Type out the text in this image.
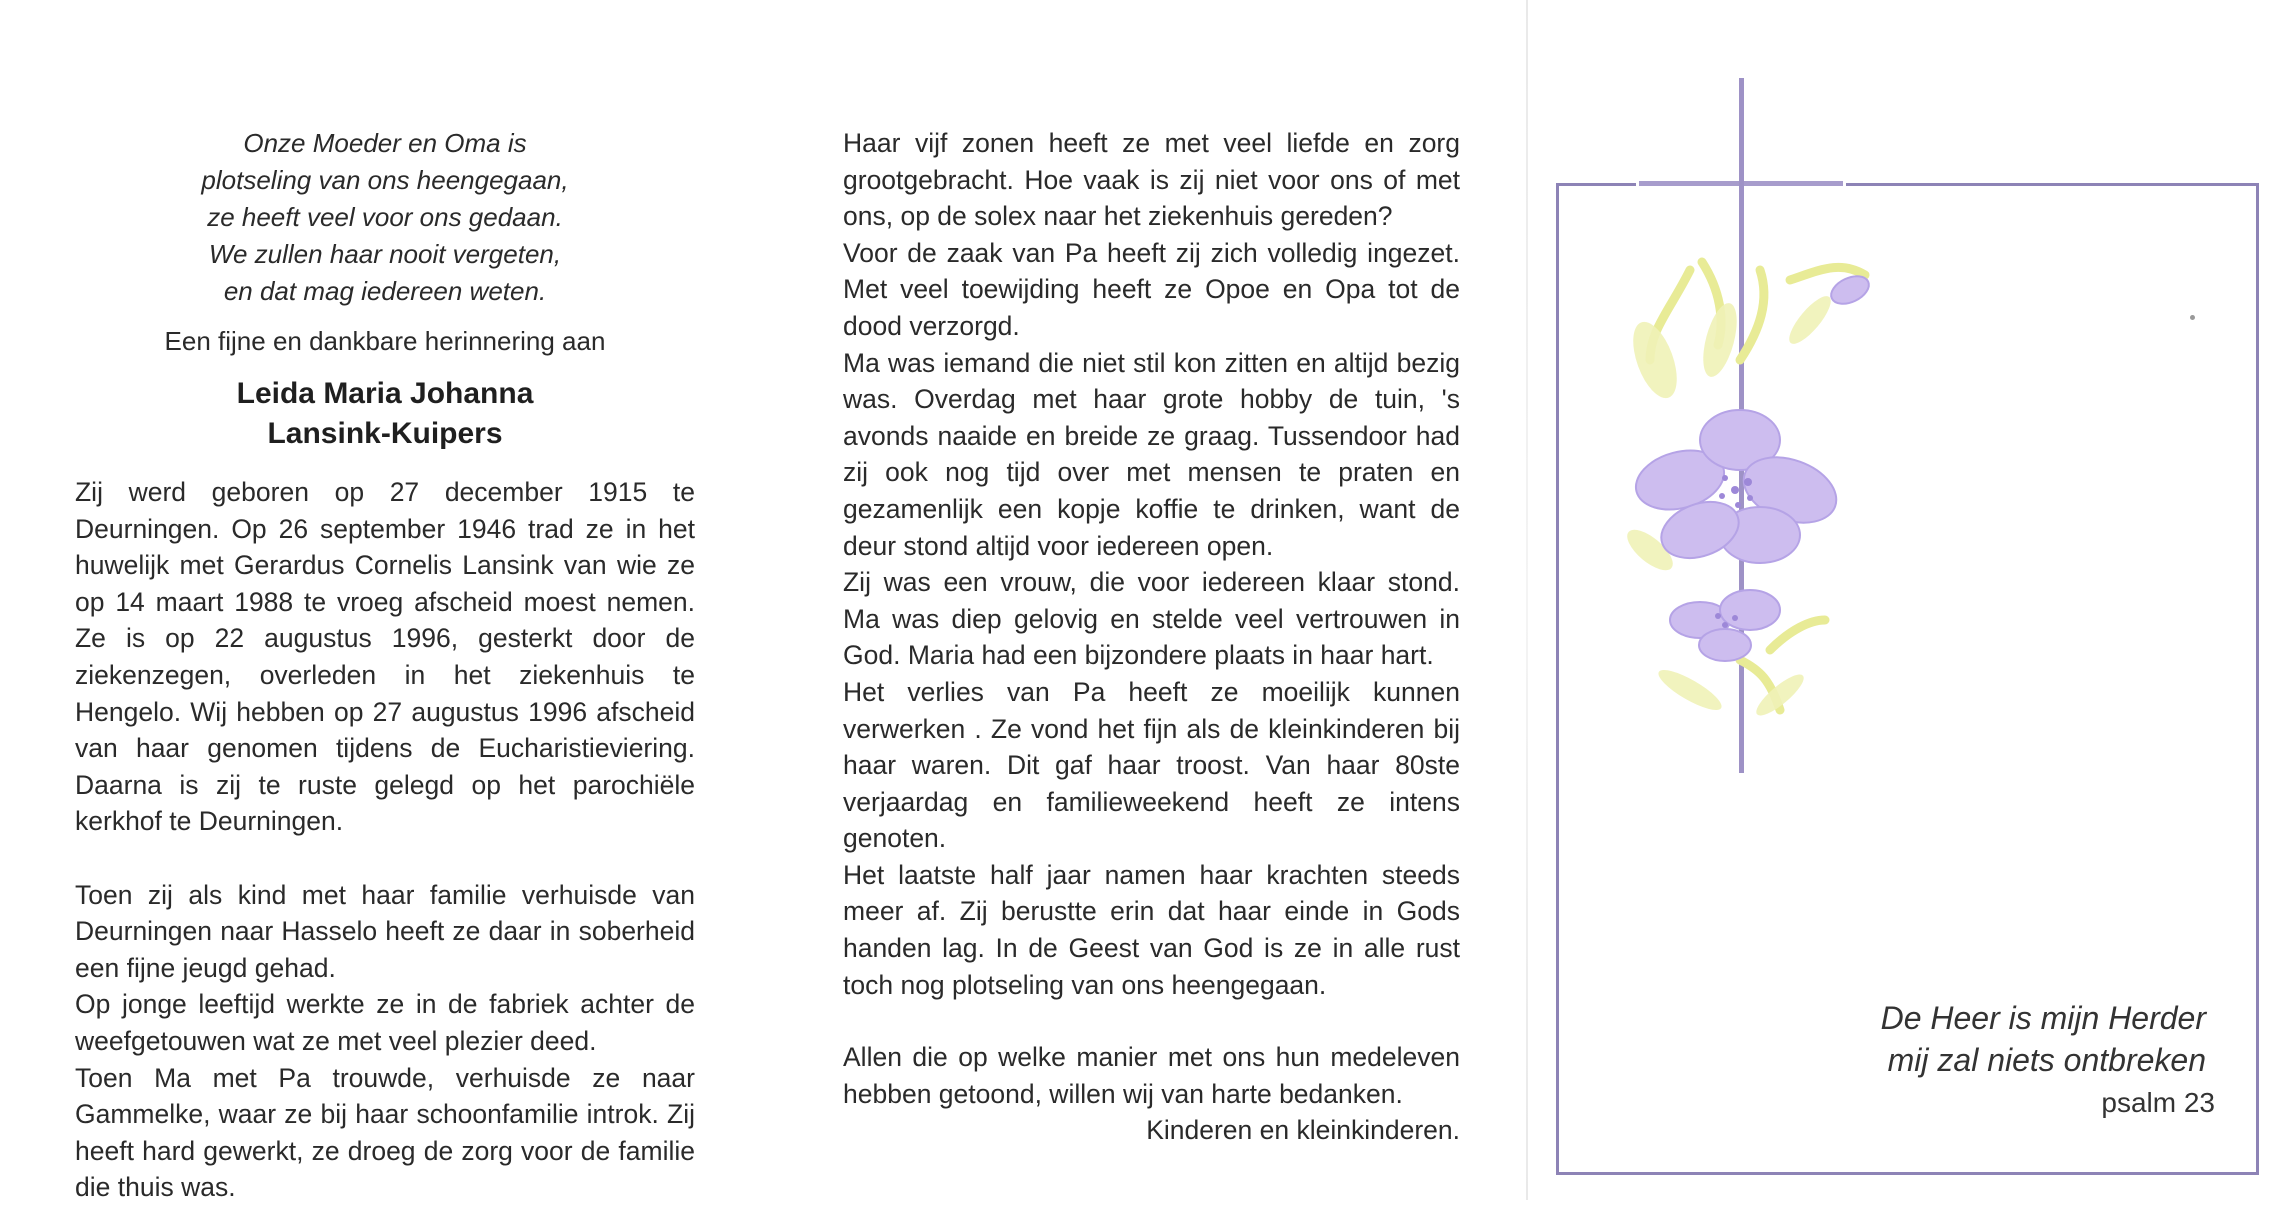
Onze Moeder en Oma is
plotseling van ons heengegaan,
ze heeft veel voor ons gedaan.
We zullen haar nooit vergeten,
en dat mag iedereen weten.
Een fijne en dankbare herinnering aan
Leida Maria Johanna
Lansink-Kuipers
Zij werd geboren op 27 december 1915 te Deurningen. Op 26 september 1946 trad ze in het huwelijk met Gerardus Cornelis Lansink van wie ze op 14 maart 1988 te vroeg afscheid moest nemen. Ze is op 22 augustus 1996, gesterkt door de ziekenzegen, overleden in het ziekenhuis te Hengelo. Wij hebben op 27 augustus 1996 afscheid van haar genomen tijdens de Eucharistieviering. Daarna is zij te ruste gelegd op het parochiële kerkhof te Deurningen.
Toen zij als kind met haar familie verhuisde van Deurningen naar Hasselo heeft ze daar in soberheid een fijne jeugd gehad.
Op jonge leeftijd werkte ze in de fabriek achter de weefgetouwen wat ze met veel plezier deed.
Toen Ma met Pa trouwde, verhuisde ze naar Gammelke, waar ze bij haar schoonfamilie introk. Zij heeft hard gewerkt, ze droeg de zorg voor de familie die thuis was.
Haar vijf zonen heeft ze met veel liefde en zorg grootgebracht. Hoe vaak is zij niet voor ons of met ons, op de solex naar het ziekenhuis gereden?
Voor de zaak van Pa heeft zij zich volledig ingezet. Met veel toewijding heeft ze Opoe en Opa tot de dood verzorgd.
Ma was iemand die niet stil kon zitten en altijd bezig was. Overdag met haar grote hobby de tuin, 's avonds naaide en breide ze graag. Tussendoor had zij ook nog tijd over met mensen te praten en gezamenlijk een kopje koffie te drinken, want de deur stond altijd voor iedereen open.
Zij was een vrouw, die voor iedereen klaar stond. Ma was diep gelovig en stelde veel vertrouwen in God. Maria had een bijzondere plaats in haar hart.
Het verlies van Pa heeft ze moeilijk kunnen verwerken . Ze vond het fijn als de kleinkinderen bij haar waren. Dit gaf haar troost. Van haar 80ste verjaardag en familieweekend heeft ze intens genoten.
Het laatste half jaar namen haar krachten steeds meer af. Zij berustte erin dat haar einde in Gods handen lag. In de Geest van God is ze in alle rust toch nog plotseling van ons heengegaan.
Allen die op welke manier met ons hun medeleven hebben getoond, willen wij van harte bedanken.
Kinderen en kleinkinderen.
De Heer is mijn Herder
mij zal niets ontbreken
psalm 23
